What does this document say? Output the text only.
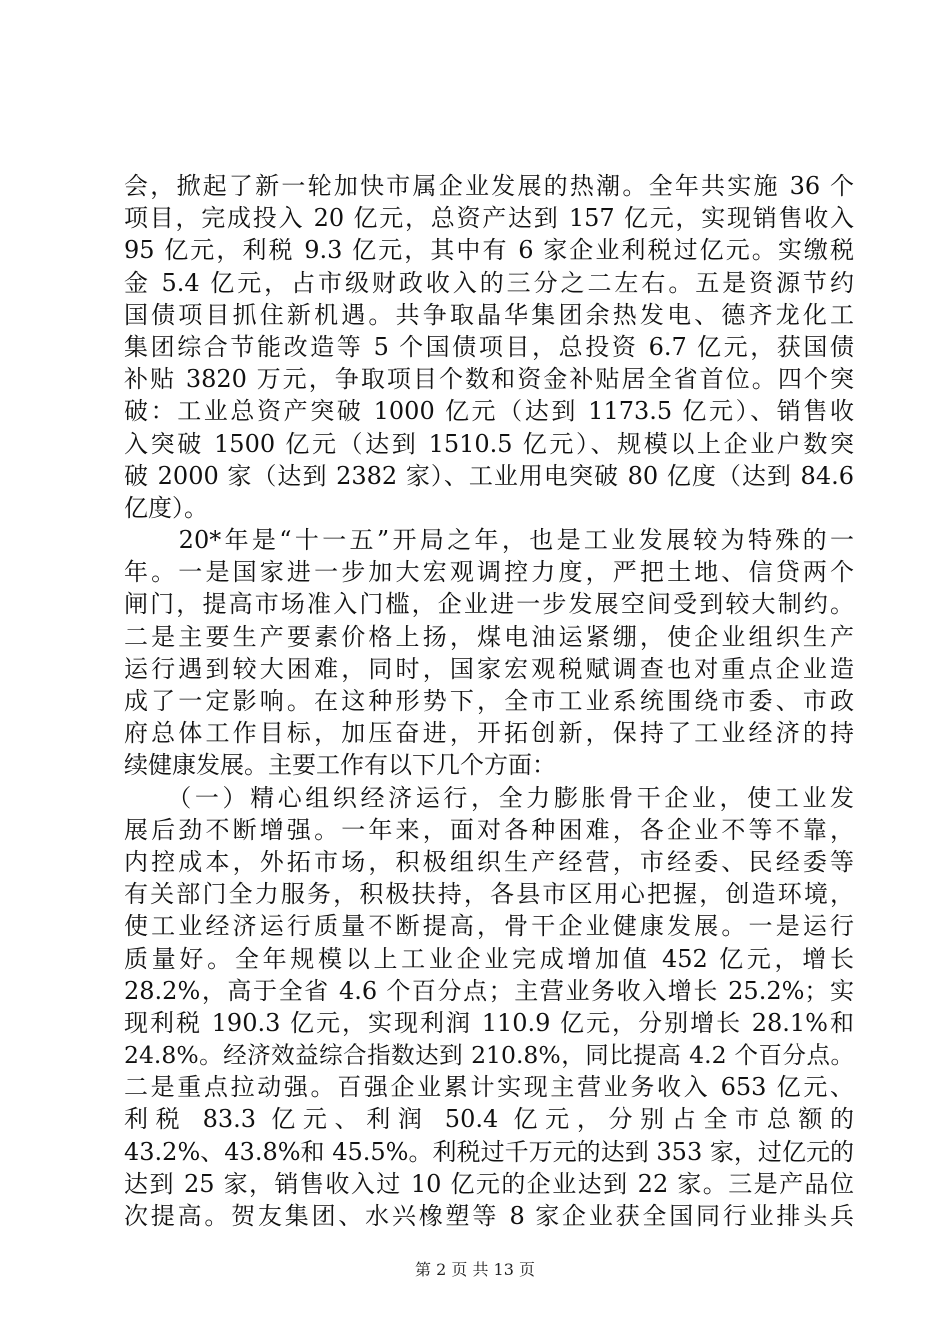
会，掀起了新一轮加快市属企业发展的热潮。全年共实施 36 个
项目，完成投入 20 亿元，总资产达到 157 亿元，实现销售收入
95 亿元，利税 9.3 亿元，其中有 6 家企业利税过亿元。实缴税
金 5.4 亿元，占市级财政收入的三分之二左右。五是资源节约
国债项目抓住新机遇。共争取晶华集团余热发电、德齐龙化工
集团综合节能改造等 5 个国债项目，总投资 6.7 亿元，获国债
补贴 3820 万元，争取项目个数和资金补贴居全省首位。四个突
破：工业总资产突破 1000 亿元（达到 1173.5 亿元）、销售收
入突破 1500 亿元（达到 1510.5 亿元）、规模以上企业户数突
破 2000 家（达到 2382 家）、工业用电突破 80 亿度（达到 84.6
亿度）。
　　20*年是“十一五”开局之年，也是工业发展较为特殊的一
年。一是国家进一步加大宏观调控力度，严把土地、信贷两个
闸门，提高市场准入门槛，企业进一步发展空间受到较大制约。
二是主要生产要素价格上扬，煤电油运紧绷，使企业组织生产
运行遇到较大困难，同时，国家宏观税赋调查也对重点企业造
成了一定影响。在这种形势下，全市工业系统围绕市委、市政
府总体工作目标，加压奋进，开拓创新，保持了工业经济的持
续健康发展。主要工作有以下几个方面：
　　（一）精心组织经济运行，全力膨胀骨干企业，使工业发
展后劲不断增强。一年来，面对各种困难，各企业不等不靠，
内控成本，外拓市场，积极组织生产经营，市经委、民经委等
有关部门全力服务，积极扶持，各县市区用心把握，创造环境，
使工业经济运行质量不断提高，骨干企业健康发展。一是运行
质量好。全年规模以上工业企业完成增加值 452 亿元，增长
28.2%，高于全省 4.6 个百分点；主营业务收入增长 25.2%；实
现利税 190.3 亿元，实现利润 110.9 亿元，分别增长 28.1%和
24.8%。经济效益综合指数达到 210.8%，同比提高 4.2 个百分点。
二是重点拉动强。百强企业累计实现主营业务收入 653 亿元、
利税 83.3 亿元、利润 50.4 亿元，分别占全市总额的
43.2%、43.8%和 45.5%。利税过千万元的达到 353 家，过亿元的
达到 25 家，销售收入过 10 亿元的企业达到 22 家。三是产品位
次提高。贺友集团、水兴橡塑等 8 家企业获全国同行业排头兵
第 2 页 共 13 页
